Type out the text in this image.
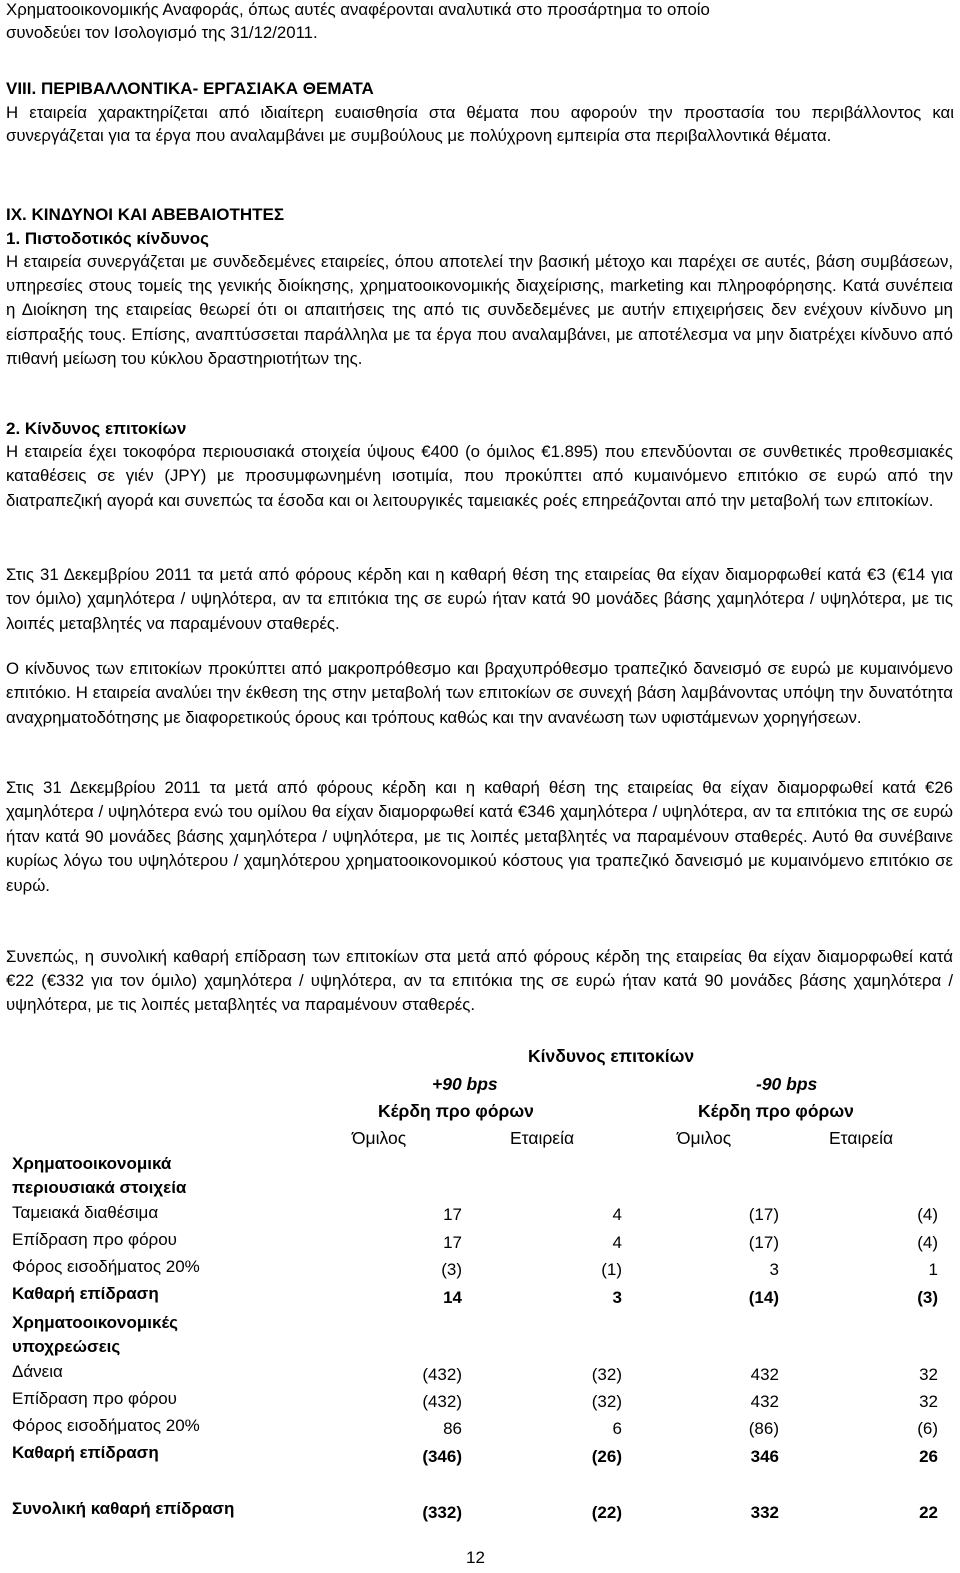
Χρηματοοικονομικής Αναφοράς, όπως αυτές αναφέρονται αναλυτικά στο προσάρτημα το οποίο
συνοδεύει τον Ισολογισμό της 31/12/2011.
VIII. ΠΕΡΙΒΑΛΛΟΝΤΙΚΑ- ΕΡΓΑΣΙΑΚΑ ΘΕΜΑΤΑ
Η εταιρεία χαρακτηρίζεται από ιδιαίτερη ευαισθησία στα θέματα που αφορούν την προστασία του περιβάλλοντος και συνεργάζεται για τα έργα που αναλαμβάνει με συμβούλους με πολύχρονη εμπειρία στα περιβαλλοντικά θέματα.
IX. ΚΙΝΔΥΝΟΙ ΚΑΙ ΑΒΕΒΑΙΟΤΗΤΕΣ
1. Πιστοδοτικός κίνδυνος
Η εταιρεία συνεργάζεται με συνδεδεμένες εταιρείες, όπου αποτελεί την βασική μέτοχο και παρέχει σε αυτές, βάση συμβάσεων, υπηρεσίες στους τομείς της γενικής διοίκησης, χρηματοοικονομικής διαχείρισης, marketing και πληροφόρησης. Κατά συνέπεια η Διοίκηση της εταιρείας θεωρεί ότι οι απαιτήσεις της από τις συνδεδεμένες με αυτήν επιχειρήσεις δεν ενέχουν κίνδυνο μη είσπραξής τους. Επίσης, αναπτύσσεται παράλληλα με τα έργα που αναλαμβάνει, με αποτέλεσμα να μην διατρέχει κίνδυνο από πιθανή μείωση του κύκλου δραστηριοτήτων της.
2. Κίνδυνος επιτοκίων
Η εταιρεία έχει τοκοφόρα περιουσιακά στοιχεία ύψους €400 (ο όμιλος €1.895) που επενδύονται σε συνθετικές προθεσμιακές καταθέσεις σε γιέν (JPY) με προσυμφωνημένη ισοτιμία, που προκύπτει από κυμαινόμενο επιτόκιο σε ευρώ από την διατραπεζική αγορά και συνεπώς τα έσοδα και οι λειτουργικές ταμειακές ροές επηρεάζονται από την μεταβολή των επιτοκίων.
Στις 31 Δεκεμβρίου 2011 τα μετά από φόρους κέρδη και η καθαρή θέση της εταιρείας θα είχαν διαμορφωθεί κατά €3 (€14 για τον όμιλο) χαμηλότερα / υψηλότερα, αν τα επιτόκια της σε ευρώ ήταν κατά 90 μονάδες βάσης χαμηλότερα / υψηλότερα, με τις λοιπές μεταβλητές να παραμένουν σταθερές.
Ο κίνδυνος των επιτοκίων προκύπτει από μακροπρόθεσμο και βραχυπρόθεσμο τραπεζικό δανεισμό σε ευρώ με κυμαινόμενο επιτόκιο. Η εταιρεία αναλύει την έκθεση της στην μεταβολή των επιτοκίων σε συνεχή βάση λαμβάνοντας υπόψη την δυνατότητα αναχρηματοδότησης με διαφορετικούς όρους και τρόπους καθώς και την ανανέωση των υφιστάμενων χορηγήσεων.
Στις 31 Δεκεμβρίου 2011 τα μετά από φόρους κέρδη και η καθαρή θέση της εταιρείας θα είχαν διαμορφωθεί κατά €26 χαμηλότερα / υψηλότερα ενώ του ομίλου θα είχαν διαμορφωθεί κατά €346 χαμηλότερα / υψηλότερα, αν τα επιτόκια της σε ευρώ ήταν κατά 90 μονάδες βάσης χαμηλότερα / υψηλότερα, με τις λοιπές μεταβλητές να παραμένουν σταθερές. Αυτό θα συνέβαινε κυρίως λόγω του υψηλότερου / χαμηλότερου χρηματοοικονομικού κόστους για τραπεζικό δανεισμό με κυμαινόμενο επιτόκιο σε ευρώ.
Συνεπώς, η συνολική καθαρή επίδραση των επιτοκίων στα μετά από φόρους κέρδη της εταιρείας θα είχαν διαμορφωθεί κατά €22 (€332 για τον όμιλο) χαμηλότερα / υψηλότερα, αν τα επιτόκια της σε ευρώ ήταν κατά 90 μονάδες βάσης χαμηλότερα / υψηλότερα, με τις λοιπές μεταβλητές να παραμένουν σταθερές.
Κίνδυνος επιτοκίων
+90 bps	-90 bps
Κέρδη προ φόρων	Κέρδη προ φόρων
Όμιλος	Εταιρεία	Όμιλος	Εταιρεία
Χρηματοοικονομικά
περιουσιακά στοιχεία
Ταμειακά διαθέσιμα	17	4	(17)	(4)
Επίδραση προ φόρου	17	4	(17)	(4)
Φόρος εισοδήματος 20%	(3)	(1)	3	1
Καθαρή επίδραση	14	3	(14)	(3)
Χρηματοοικονομικές
υποχρεώσεις
Δάνεια	(432)	(32)	432	32
Επίδραση προ φόρου	(432)	(32)	432	32
Φόρος εισοδήματος 20%	86	6	(86)	(6)
Καθαρή επίδραση	(346)	(26)	346	26
Συνολική καθαρή επίδραση	(332)	(22)	332	22
12
